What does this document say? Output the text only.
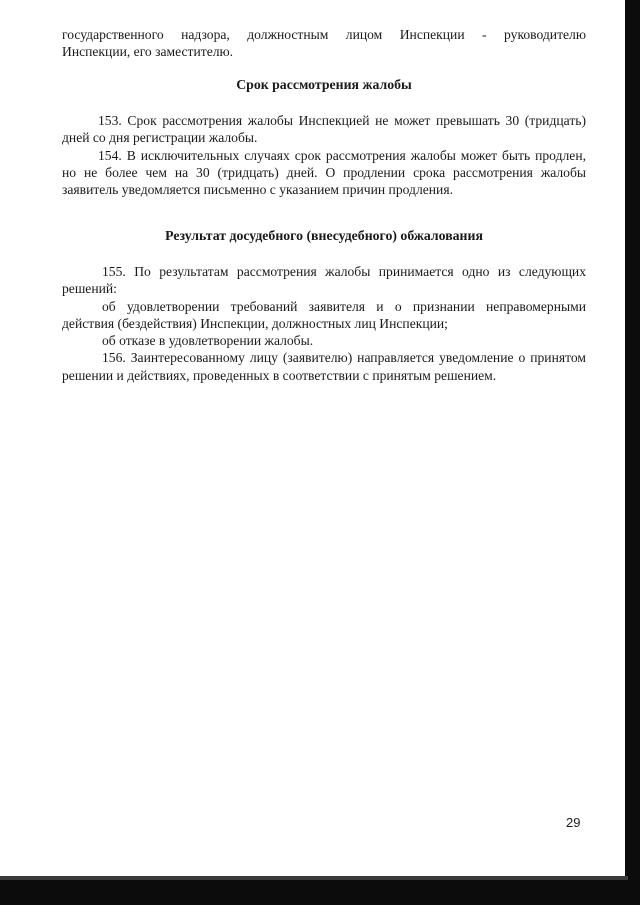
государственного надзора, должностным лицом Инспекции - руководителю

Инспекции, его заместителю.

Срок рассмотрения жалобы

153. Срок рассмотрения жалобы Инспекцией не может превышать 30 (тридцать) дней со дня регистрации жалобы.

154. В исключительных случаях срок рассмотрения жалобы может быть продлен, но не более чем на 30 (тридцать) дней. О продлении срока рассмотрения жалобы заявитель уведомляется письменно с указанием причин продления.

Результат досудебного (внесудебного) обжалования

155. По результатам рассмотрения жалобы принимается одно из следующих решений:

об удовлетворении требований заявителя и о признании неправомерными действия (бездействия) Инспекции, должностных лиц Инспекции;

об отказе в удовлетворении жалобы.

156. Заинтересованному лицу (заявителю) направляется уведомление о принятом решении и действиях, проведенных в соответствии с принятым решением.

29
